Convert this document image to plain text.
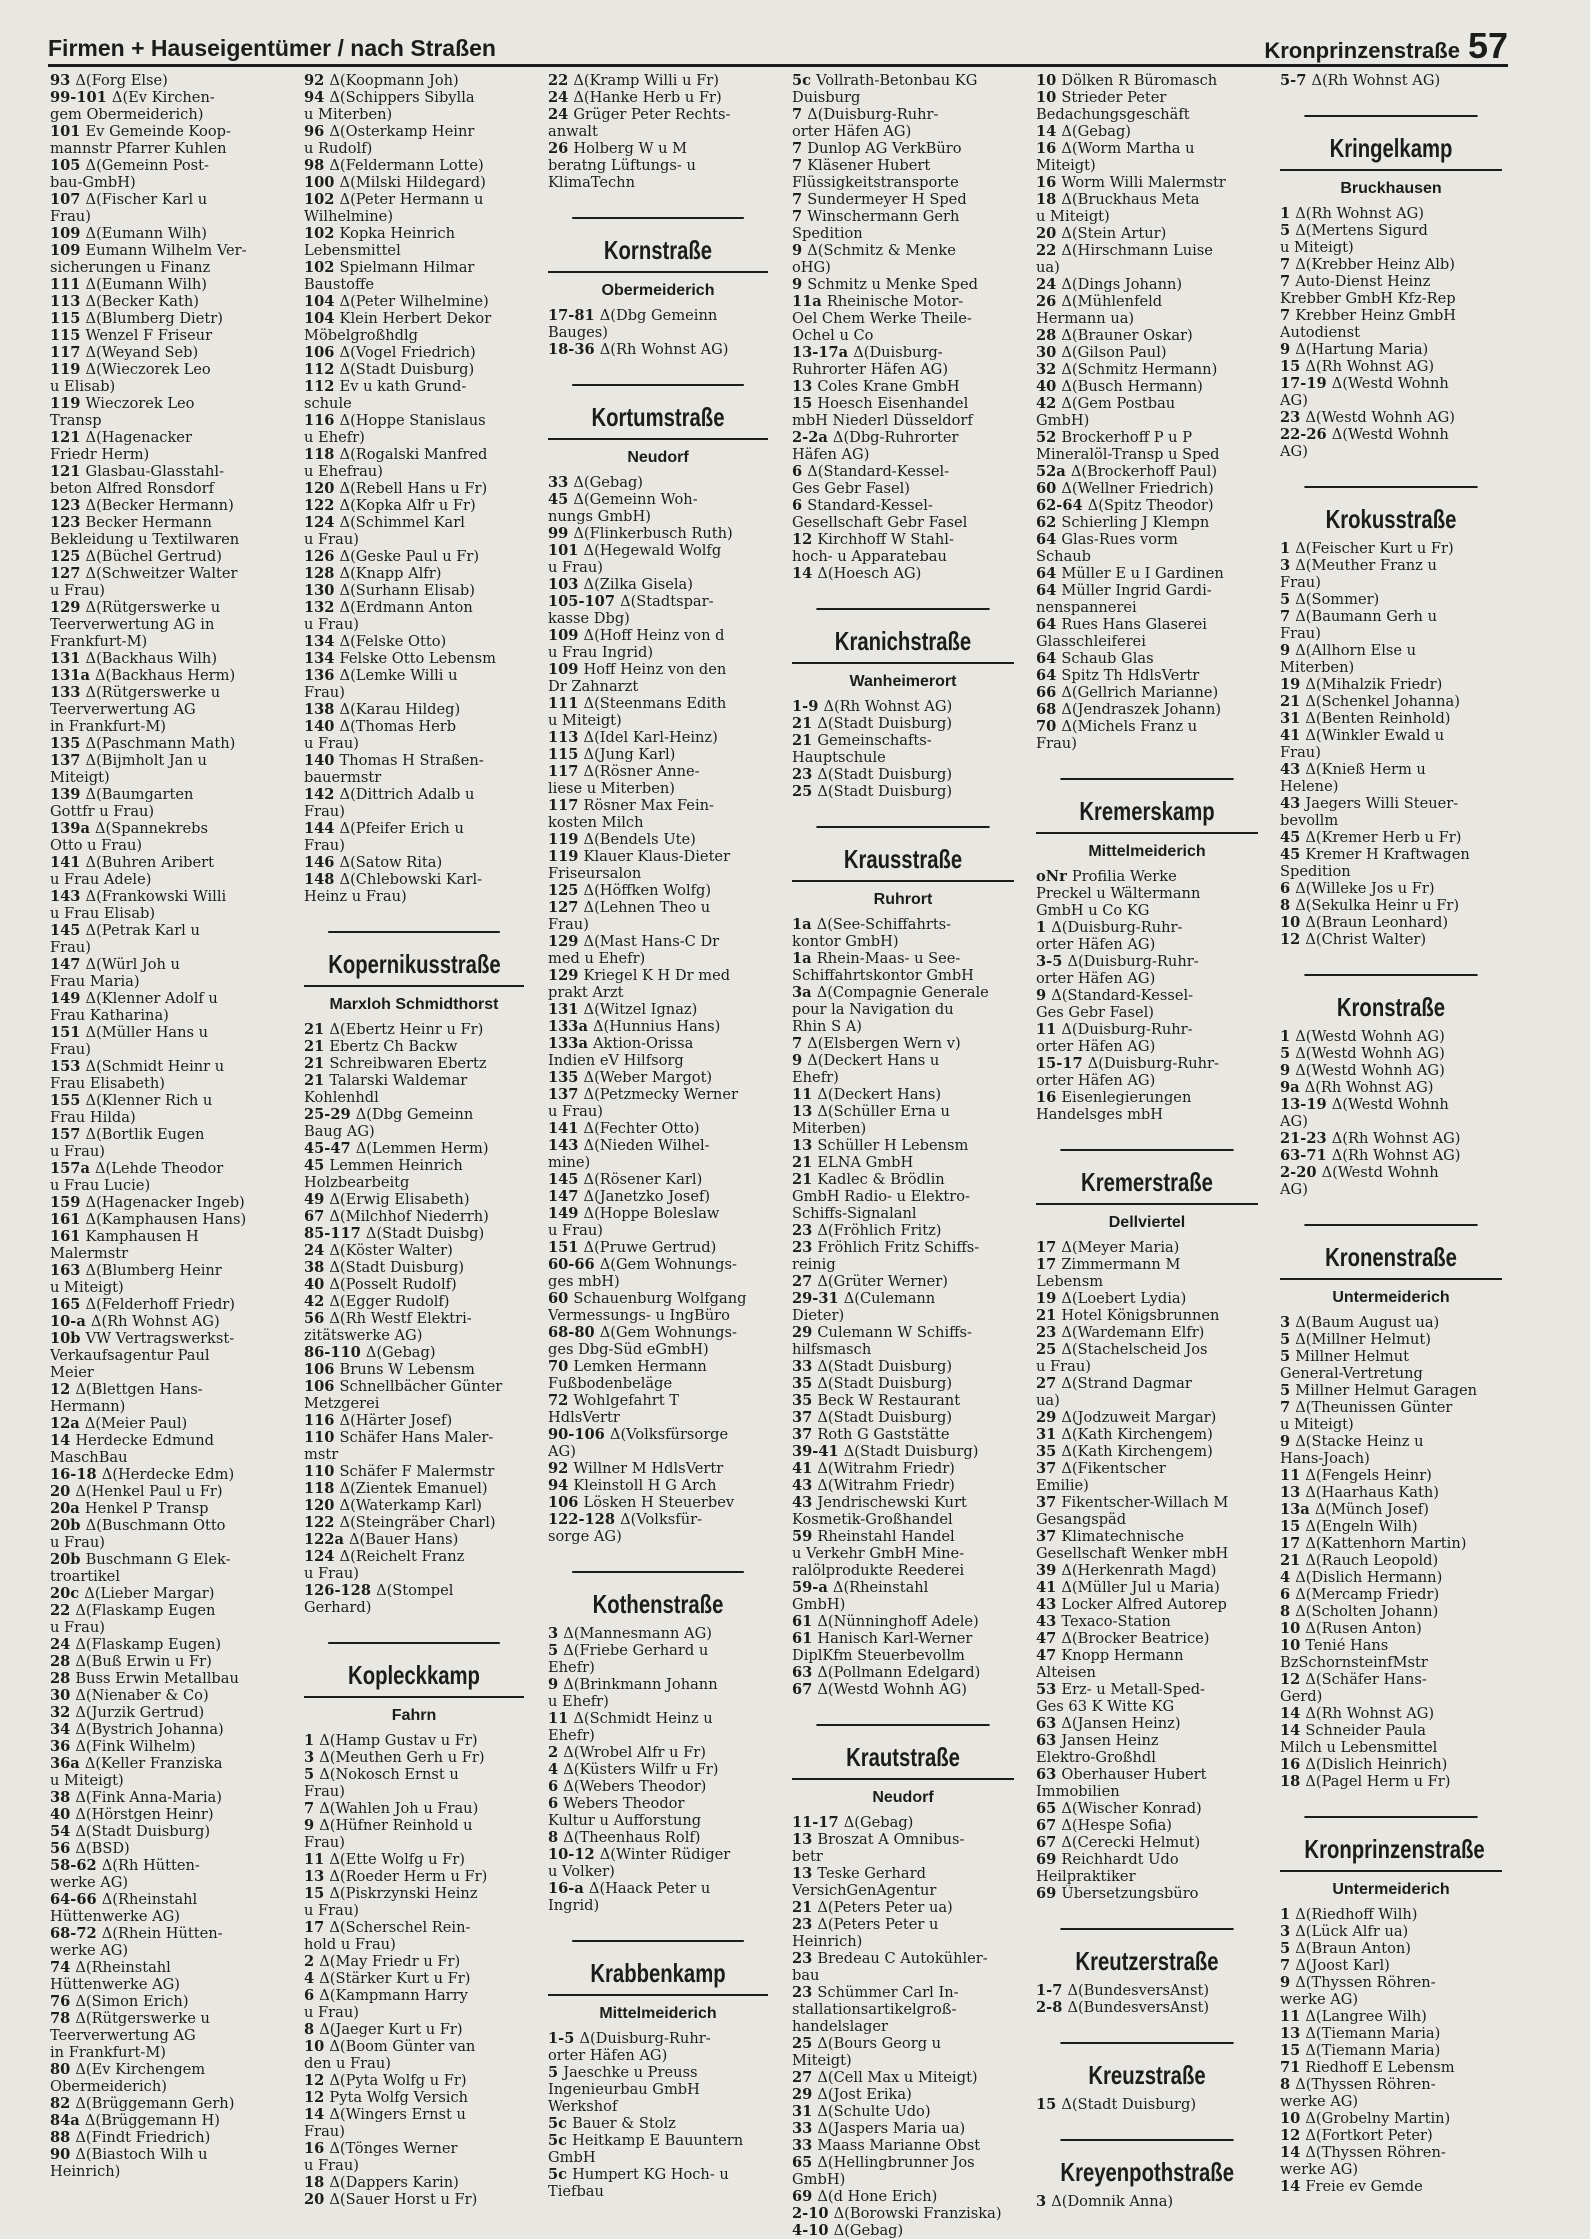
Firmen + Hauseigentümer / nach Straßen	Kronprinzenstraße 57
93 Δ(Forg Else)
99-101 Δ(Ev Kirchen-
gem Obermeiderich)
101 Ev Gemeinde Koop-
mannstr Pfarrer Kuhlen
105 Δ(Gemeinn Post-
bau-GmbH)
107 Δ(Fischer Karl u
Frau)
109 Δ(Eumann Wilh)
109 Eumann Wilhelm Ver-
sicherungen u Finanz
111 Δ(Eumann Wilh)
113 Δ(Becker Kath)
115 Δ(Blumberg Dietr)
115 Wenzel F Friseur
117 Δ(Weyand Seb)
119 Δ(Wieczorek Leo
u Elisab)
119 Wieczorek Leo
Transp
121 Δ(Hagenacker
Friedr Herm)
121 Glasbau-Glasstahl-
beton Alfred Ronsdorf
123 Δ(Becker Hermann)
123 Becker Hermann
Bekleidung u Textilwaren
125 Δ(Büchel Gertrud)
127 Δ(Schweitzer Walter
u Frau)
129 Δ(Rütgerswerke u
Teerverwertung AG in
Frankfurt-M)
131 Δ(Backhaus Wilh)
131a Δ(Backhaus Herm)
133 Δ(Rütgerswerke u
Teerverwertung AG
in Frankfurt-M)
135 Δ(Paschmann Math)
137 Δ(Bijmholt Jan u
Miteigt)
139 Δ(Baumgarten
Gottfr u Frau)
139a Δ(Spannekrebs
Otto u Frau)
141 Δ(Buhren Aribert
u Frau Adele)
143 Δ(Frankowski Willi
u Frau Elisab)
145 Δ(Petrak Karl u
Frau)
147 Δ(Würl Joh u
Frau Maria)
149 Δ(Klenner Adolf u
Frau Katharina)
151 Δ(Müller Hans u
Frau)
153 Δ(Schmidt Heinr u
Frau Elisabeth)
155 Δ(Klenner Rich u
Frau Hilda)
157 Δ(Bortlik Eugen
u Frau)
157a Δ(Lehde Theodor
u Frau Lucie)
159 Δ(Hagenacker Ingeb)
161 Δ(Kamphausen Hans)
161 Kamphausen H
Malermstr
163 Δ(Blumberg Heinr
u Miteigt)
165 Δ(Felderhoff Friedr)
10-a Δ(Rh Wohnst AG)
10b VW Vertragswerkst-
Verkaufsagentur Paul
Meier
12 Δ(Blettgen Hans-
Hermann)
12a Δ(Meier Paul)
14 Herdecke Edmund
MaschBau
16-18 Δ(Herdecke Edm)
20 Δ(Henkel Paul u Fr)
20a Henkel P Transp
20b Δ(Buschmann Otto
u Frau)
20b Buschmann G Elek-
troartikel
20c Δ(Lieber Margar)
22 Δ(Flaskamp Eugen
u Frau)
24 Δ(Flaskamp Eugen)
28 Δ(Buß Erwin u Fr)
28 Buss Erwin Metallbau
30 Δ(Nienaber & Co)
32 Δ(Jurzik Gertrud)
34 Δ(Bystrich Johanna)
36 Δ(Fink Wilhelm)
36a Δ(Keller Franziska
u Miteigt)
38 Δ(Fink Anna-Maria)
40 Δ(Hörstgen Heinr)
54 Δ(Stadt Duisburg)
56 Δ(BSD)
58-62 Δ(Rh Hütten-
werke AG)
64-66 Δ(Rheinstahl
Hüttenwerke AG)
68-72 Δ(Rhein Hütten-
werke AG)
74 Δ(Rheinstahl
Hüttenwerke AG)
76 Δ(Simon Erich)
78 Δ(Rütgerswerke u
Teerverwertung AG
in Frankfurt-M)
80 Δ(Ev Kirchengem
Obermeiderich)
82 Δ(Brüggemann Gerh)
84a Δ(Brüggemann H)
88 Δ(Findt Friedrich)
90 Δ(Biastoch Wilh u
Heinrich)
92 Δ(Koopmann Joh)
94 Δ(Schippers Sibylla
u Miterben)
96 Δ(Osterkamp Heinr
u Rudolf)
98 Δ(Feldermann Lotte)
100 Δ(Milski Hildegard)
102 Δ(Peter Hermann u
Wilhelmine)
102 Kopka Heinrich
Lebensmittel
102 Spielmann Hilmar
Baustoffe
104 Δ(Peter Wilhelmine)
104 Klein Herbert Dekor
Möbelgroßhdlg
106 Δ(Vogel Friedrich)
112 Δ(Stadt Duisburg)
112 Ev u kath Grund-
schule
116 Δ(Hoppe Stanislaus
u Ehefr)
118 Δ(Rogalski Manfred
u Ehefrau)
120 Δ(Rebell Hans u Fr)
122 Δ(Kopka Alfr u Fr)
124 Δ(Schimmel Karl
u Frau)
126 Δ(Geske Paul u Fr)
128 Δ(Knapp Alfr)
130 Δ(Surhann Elisab)
132 Δ(Erdmann Anton
u Frau)
134 Δ(Felske Otto)
134 Felske Otto Lebensm
136 Δ(Lemke Willi u
Frau)
138 Δ(Karau Hildeg)
140 Δ(Thomas Herb
u Frau)
140 Thomas H Straßen-
bauermstr
142 Δ(Dittrich Adalb u
Frau)
144 Δ(Pfeifer Erich u
Frau)
146 Δ(Satow Rita)
148 Δ(Chlebowski Karl-
Heinz u Frau)
Kopernikusstraße
Marxloh Schmidthorst
21 Δ(Ebertz Heinr u Fr)
21 Ebertz Ch Backw
21 Schreibwaren Ebertz
21 Talarski Waldemar
Kohlenhdl
25-29 Δ(Dbg Gemeinn
Baug AG)
45-47 Δ(Lemmen Herm)
45 Lemmen Heinrich
Holzbearbeitg
49 Δ(Erwig Elisabeth)
67 Δ(Milchhof Niederrh)
85-117 Δ(Stadt Duisbg)
24 Δ(Köster Walter)
38 Δ(Stadt Duisburg)
40 Δ(Posselt Rudolf)
42 Δ(Egger Rudolf)
56 Δ(Rh Westf Elektri-
zitätswerke AG)
86-110 Δ(Gebag)
106 Bruns W Lebensm
106 Schnellbächer Günter
Metzgerei
116 Δ(Härter Josef)
110 Schäfer Hans Maler-
mstr
110 Schäfer F Malermstr
118 Δ(Zientek Emanuel)
120 Δ(Waterkamp Karl)
122 Δ(Steingräber Charl)
122a Δ(Bauer Hans)
124 Δ(Reichelt Franz
u Frau)
126-128 Δ(Stompel
Gerhard)
Kopleckkamp
Fahrn
1 Δ(Hamp Gustav u Fr)
3 Δ(Meuthen Gerh u Fr)
5 Δ(Nokosch Ernst u
Frau)
7 Δ(Wahlen Joh u Frau)
9 Δ(Hüfner Reinhold u
Frau)
11 Δ(Ette Wolfg u Fr)
13 Δ(Roeder Herm u Fr)
15 Δ(Piskrzynski Heinz
u Frau)
17 Δ(Scherschel Rein-
hold u Frau)
2 Δ(May Friedr u Fr)
4 Δ(Stärker Kurt u Fr)
6 Δ(Kampmann Harry
u Frau)
8 Δ(Jaeger Kurt u Fr)
10 Δ(Boom Günter van
den u Frau)
12 Δ(Pyta Wolfg u Fr)
12 Pyta Wolfg Versich
14 Δ(Wingers Ernst u
Frau)
16 Δ(Tönges Werner
u Frau)
18 Δ(Dappers Karin)
20 Δ(Sauer Horst u Fr)
22 Δ(Kramp Willi u Fr)
24 Δ(Hanke Herb u Fr)
24 Grüger Peter Rechts-
anwalt
26 Holberg W u M
beratng Lüftungs- u
KlimaTechn
Kornstraße
Obermeiderich
17-81 Δ(Dbg Gemeinn
Bauges)
18-36 Δ(Rh Wohnst AG)
Kortumstraße
Neudorf
33 Δ(Gebag)
45 Δ(Gemeinn Woh-
nungs GmbH)
99 Δ(Flinkerbusch Ruth)
101 Δ(Hegewald Wolfg
u Frau)
103 Δ(Zilka Gisela)
105-107 Δ(Stadtspar-
kasse Dbg)
109 Δ(Hoff Heinz von d
u Frau Ingrid)
109 Hoff Heinz von den
Dr Zahnarzt
111 Δ(Steenmans Edith
u Miteigt)
113 Δ(Idel Karl-Heinz)
115 Δ(Jung Karl)
117 Δ(Rösner Anne-
liese u Miterben)
117 Rösner Max Fein-
kosten Milch
119 Δ(Bendels Ute)
119 Klauer Klaus-Dieter
Friseursalon
125 Δ(Höffken Wolfg)
127 Δ(Lehnen Theo u
Frau)
129 Δ(Mast Hans-C Dr
med u Ehefr)
129 Kriegel K H Dr med
prakt Arzt
131 Δ(Witzel Ignaz)
133a Δ(Hunnius Hans)
133a Aktion-Orissa
Indien eV Hilfsorg
135 Δ(Weber Margot)
137 Δ(Petzmecky Werner
u Frau)
141 Δ(Fechter Otto)
143 Δ(Nieden Wilhel-
mine)
145 Δ(Rösener Karl)
147 Δ(Janetzko Josef)
149 Δ(Hoppe Boleslaw
u Frau)
151 Δ(Pruwe Gertrud)
60-66 Δ(Gem Wohnungs-
ges mbH)
60 Schauenburg Wolfgang
Vermessungs- u IngBüro
68-80 Δ(Gem Wohnungs-
ges Dbg-Süd eGmbH)
70 Lemken Hermann
Fußbodenbeläge
72 Wohlgefahrt T
HdlsVertr
90-106 Δ(Volksfürsorge
AG)
92 Willner M HdlsVertr
94 Kleinstoll H G Arch
106 Lösken H Steuerbev
122-128 Δ(Volksfür-
sorge AG)
Kothenstraße
3 Δ(Mannesmann AG)
5 Δ(Friebe Gerhard u
Ehefr)
9 Δ(Brinkmann Johann
u Ehefr)
11 Δ(Schmidt Heinz u
Ehefr)
2 Δ(Wrobel Alfr u Fr)
4 Δ(Küsters Wilfr u Fr)
6 Δ(Webers Theodor)
6 Webers Theodor
Kultur u Aufforstung
8 Δ(Theenhaus Rolf)
10-12 Δ(Winter Rüdiger
u Volker)
16-a Δ(Haack Peter u
Ingrid)
Krabbenkamp
Mittelmeiderich
1-5 Δ(Duisburg-Ruhr-
orter Häfen AG)
5 Jaeschke u Preuss
Ingenieurbau GmbH
Werkshof
5c Bauer & Stolz
5c Heitkamp E Bauuntern
GmbH
5c Humpert KG Hoch- u
Tiefbau
5c Vollrath-Betonbau KG
Duisburg
7 Δ(Duisburg-Ruhr-
orter Häfen AG)
7 Dunlop AG VerkBüro
7 Kläsener Hubert
Flüssigkeitstransporte
7 Sundermeyer H Sped
7 Winschermann Gerh
Spedition
9 Δ(Schmitz & Menke
oHG)
9 Schmitz u Menke Sped
11a Rheinische Motor-
Oel Chem Werke Theile-
Ochel u Co
13-17a Δ(Duisburg-
Ruhrorter Häfen AG)
13 Coles Krane GmbH
15 Hoesch Eisenhandel
mbH Niederl Düsseldorf
2-2a Δ(Dbg-Ruhrorter
Häfen AG)
6 Δ(Standard-Kessel-
Ges Gebr Fasel)
6 Standard-Kessel-
Gesellschaft Gebr Fasel
12 Kirchhoff W Stahl-
hoch- u Apparatebau
14 Δ(Hoesch AG)
Kranichstraße
Wanheimerort
1-9 Δ(Rh Wohnst AG)
21 Δ(Stadt Duisburg)
21 Gemeinschafts-
Hauptschule
23 Δ(Stadt Duisburg)
25 Δ(Stadt Duisburg)
Krausstraße
Ruhrort
1a Δ(See-Schiffahrts-
kontor GmbH)
1a Rhein-Maas- u See-
Schiffahrtskontor GmbH
3a Δ(Compagnie Generale
pour la Navigation du
Rhin S A)
7 Δ(Elsbergen Wern v)
9 Δ(Deckert Hans u
Ehefr)
11 Δ(Deckert Hans)
13 Δ(Schüller Erna u
Miterben)
13 Schüller H Lebensm
21 ELNA GmbH
21 Kadlec & Brödlin
GmbH Radio- u Elektro-
Schiffs-Signalanl
23 Δ(Fröhlich Fritz)
23 Fröhlich Fritz Schiffs-
reinig
27 Δ(Grüter Werner)
29-31 Δ(Culemann
Dieter)
29 Culemann W Schiffs-
hilfsmasch
33 Δ(Stadt Duisburg)
35 Δ(Stadt Duisburg)
35 Beck W Restaurant
37 Δ(Stadt Duisburg)
37 Roth G Gaststätte
39-41 Δ(Stadt Duisburg)
41 Δ(Witrahm Friedr)
43 Δ(Witrahm Friedr)
43 Jendrischewski Kurt
Kosmetik-Großhandel
59 Rheinstahl Handel
u Verkehr GmbH Mine-
ralölprodukte Reederei
59-a Δ(Rheinstahl
GmbH)
61 Δ(Nünninghoff Adele)
61 Hanisch Karl-Werner
DiplKfm Steuerbevollm
63 Δ(Pollmann Edelgard)
67 Δ(Westd Wohnh AG)
Krautstraße
Neudorf
11-17 Δ(Gebag)
13 Broszat A Omnibus-
betr
13 Teske Gerhard
VersichGenAgentur
21 Δ(Peters Peter ua)
23 Δ(Peters Peter u
Heinrich)
23 Bredeau C Autokühler-
bau
23 Schümmer Carl In-
stallationsartikelgroß-
handelslager
25 Δ(Bours Georg u
Miteigt)
27 Δ(Cell Max u Miteigt)
29 Δ(Jost Erika)
31 Δ(Schulte Udo)
33 Δ(Jaspers Maria ua)
33 Maass Marianne Obst
65 Δ(Hellingbrunner Jos
GmbH)
69 Δ(d Hone Erich)
2-10 Δ(Borowski Franziska)
4-10 Δ(Gebag)
10 Dölken R Büromasch
10 Strieder Peter
Bedachungsgeschäft
14 Δ(Gebag)
16 Δ(Worm Martha u
Miteigt)
16 Worm Willi Malermstr
18 Δ(Bruckhaus Meta
u Miteigt)
20 Δ(Stein Artur)
22 Δ(Hirschmann Luise
ua)
24 Δ(Dings Johann)
26 Δ(Mühlenfeld
Hermann ua)
28 Δ(Brauner Oskar)
30 Δ(Gilson Paul)
32 Δ(Schmitz Hermann)
40 Δ(Busch Hermann)
42 Δ(Gem Postbau
GmbH)
52 Brockerhoff P u P
Mineralöl-Transp u Sped
52a Δ(Brockerhoff Paul)
60 Δ(Wellner Friedrich)
62-64 Δ(Spitz Theodor)
62 Schierling J Klempn
64 Glas-Rues vorm
Schaub
64 Müller E u I Gardinen
64 Müller Ingrid Gardi-
nenspannerei
64 Rues Hans Glaserei
Glasschleiferei
64 Schaub Glas
64 Spitz Th HdlsVertr
66 Δ(Gellrich Marianne)
68 Δ(Jendraszek Johann)
70 Δ(Michels Franz u
Frau)
Kremerskamp
Mittelmeiderich
oNr Profilia Werke
Preckel u Wältermann
GmbH u Co KG
1 Δ(Duisburg-Ruhr-
orter Häfen AG)
3-5 Δ(Duisburg-Ruhr-
orter Häfen AG)
9 Δ(Standard-Kessel-
Ges Gebr Fasel)
11 Δ(Duisburg-Ruhr-
orter Häfen AG)
15-17 Δ(Duisburg-Ruhr-
orter Häfen AG)
16 Eisenlegierungen
Handelsges mbH
Kremerstraße
Dellviertel
17 Δ(Meyer Maria)
17 Zimmermann M
Lebensm
19 Δ(Loebert Lydia)
21 Hotel Königsbrunnen
23 Δ(Wardemann Elfr)
25 Δ(Stachelscheid Jos
u Frau)
27 Δ(Strand Dagmar
ua)
29 Δ(Jodzuweit Margar)
31 Δ(Kath Kirchengem)
35 Δ(Kath Kirchengem)
37 Δ(Fikentscher
Emilie)
37 Fikentscher-Willach M
Gesangspäd
37 Klimatechnische
Gesellschaft Wenker mbH
39 Δ(Herkenrath Magd)
41 Δ(Müller Jul u Maria)
43 Locker Alfred Autorep
43 Texaco-Station
47 Δ(Brocker Beatrice)
47 Knopp Hermann
Alteisen
53 Erz- u Metall-Sped-
Ges 63 K Witte KG
63 Δ(Jansen Heinz)
63 Jansen Heinz
Elektro-Großhdl
63 Oberhauser Hubert
Immobilien
65 Δ(Wischer Konrad)
67 Δ(Hespe Sofia)
67 Δ(Cerecki Helmut)
69 Reichhardt Udo
Heilpraktiker
69 Übersetzungsbüro
Kreutzerstraße
1-7 Δ(BundesversAnst)
2-8 Δ(BundesversAnst)
Kreuzstraße
15 Δ(Stadt Duisburg)
Kreyenpothstraße
3 Δ(Domnik Anna)
5-7 Δ(Rh Wohnst AG)
Kringelkamp
Bruckhausen
1 Δ(Rh Wohnst AG)
5 Δ(Mertens Sigurd
u Miteigt)
7 Δ(Krebber Heinz Alb)
7 Auto-Dienst Heinz
Krebber GmbH Kfz-Rep
7 Krebber Heinz GmbH
Autodienst
9 Δ(Hartung Maria)
15 Δ(Rh Wohnst AG)
17-19 Δ(Westd Wohnh
AG)
23 Δ(Westd Wohnh AG)
22-26 Δ(Westd Wohnh
AG)
Krokusstraße
1 Δ(Feischer Kurt u Fr)
3 Δ(Meuther Franz u
Frau)
5 Δ(Sommer)
7 Δ(Baumann Gerh u
Frau)
9 Δ(Allhorn Else u
Miterben)
19 Δ(Mihalzik Friedr)
21 Δ(Schenkel Johanna)
31 Δ(Benten Reinhold)
41 Δ(Winkler Ewald u
Frau)
43 Δ(Knieß Herm u
Helene)
43 Jaegers Willi Steuer-
bevollm
45 Δ(Kremer Herb u Fr)
45 Kremer H Kraftwagen
Spedition
6 Δ(Willeke Jos u Fr)
8 Δ(Sekulka Heinr u Fr)
10 Δ(Braun Leonhard)
12 Δ(Christ Walter)
Kronstraße
1 Δ(Westd Wohnh AG)
5 Δ(Westd Wohnh AG)
9 Δ(Westd Wohnh AG)
9a Δ(Rh Wohnst AG)
13-19 Δ(Westd Wohnh
AG)
21-23 Δ(Rh Wohnst AG)
63-71 Δ(Rh Wohnst AG)
2-20 Δ(Westd Wohnh
AG)
Kronenstraße
Untermeiderich
3 Δ(Baum August ua)
5 Δ(Millner Helmut)
5 Millner Helmut
General-Vertretung
5 Millner Helmut Garagen
7 Δ(Theunissen Günter
u Miteigt)
9 Δ(Stacke Heinz u
Hans-Joach)
11 Δ(Fengels Heinr)
13 Δ(Haarhaus Kath)
13a Δ(Münch Josef)
15 Δ(Engeln Wilh)
17 Δ(Kattenhorn Martin)
21 Δ(Rauch Leopold)
4 Δ(Dislich Hermann)
6 Δ(Mercamp Friedr)
8 Δ(Scholten Johann)
10 Δ(Rusen Anton)
10 Tenié Hans
BzSchornsteinfMstr
12 Δ(Schäfer Hans-
Gerd)
14 Δ(Rh Wohnst AG)
14 Schneider Paula
Milch u Lebensmittel
16 Δ(Dislich Heinrich)
18 Δ(Pagel Herm u Fr)
Kronprinzenstraße
Untermeiderich
1 Δ(Riedhoff Wilh)
3 Δ(Lück Alfr ua)
5 Δ(Braun Anton)
7 Δ(Joost Karl)
9 Δ(Thyssen Röhren-
werke AG)
11 Δ(Langree Wilh)
13 Δ(Tiemann Maria)
15 Δ(Tiemann Maria)
71 Riedhoff E Lebensm
8 Δ(Thyssen Röhren-
werke AG)
10 Δ(Grobelny Martin)
12 Δ(Fortkort Peter)
14 Δ(Thyssen Röhren-
werke AG)
14 Freie ev Gemde
